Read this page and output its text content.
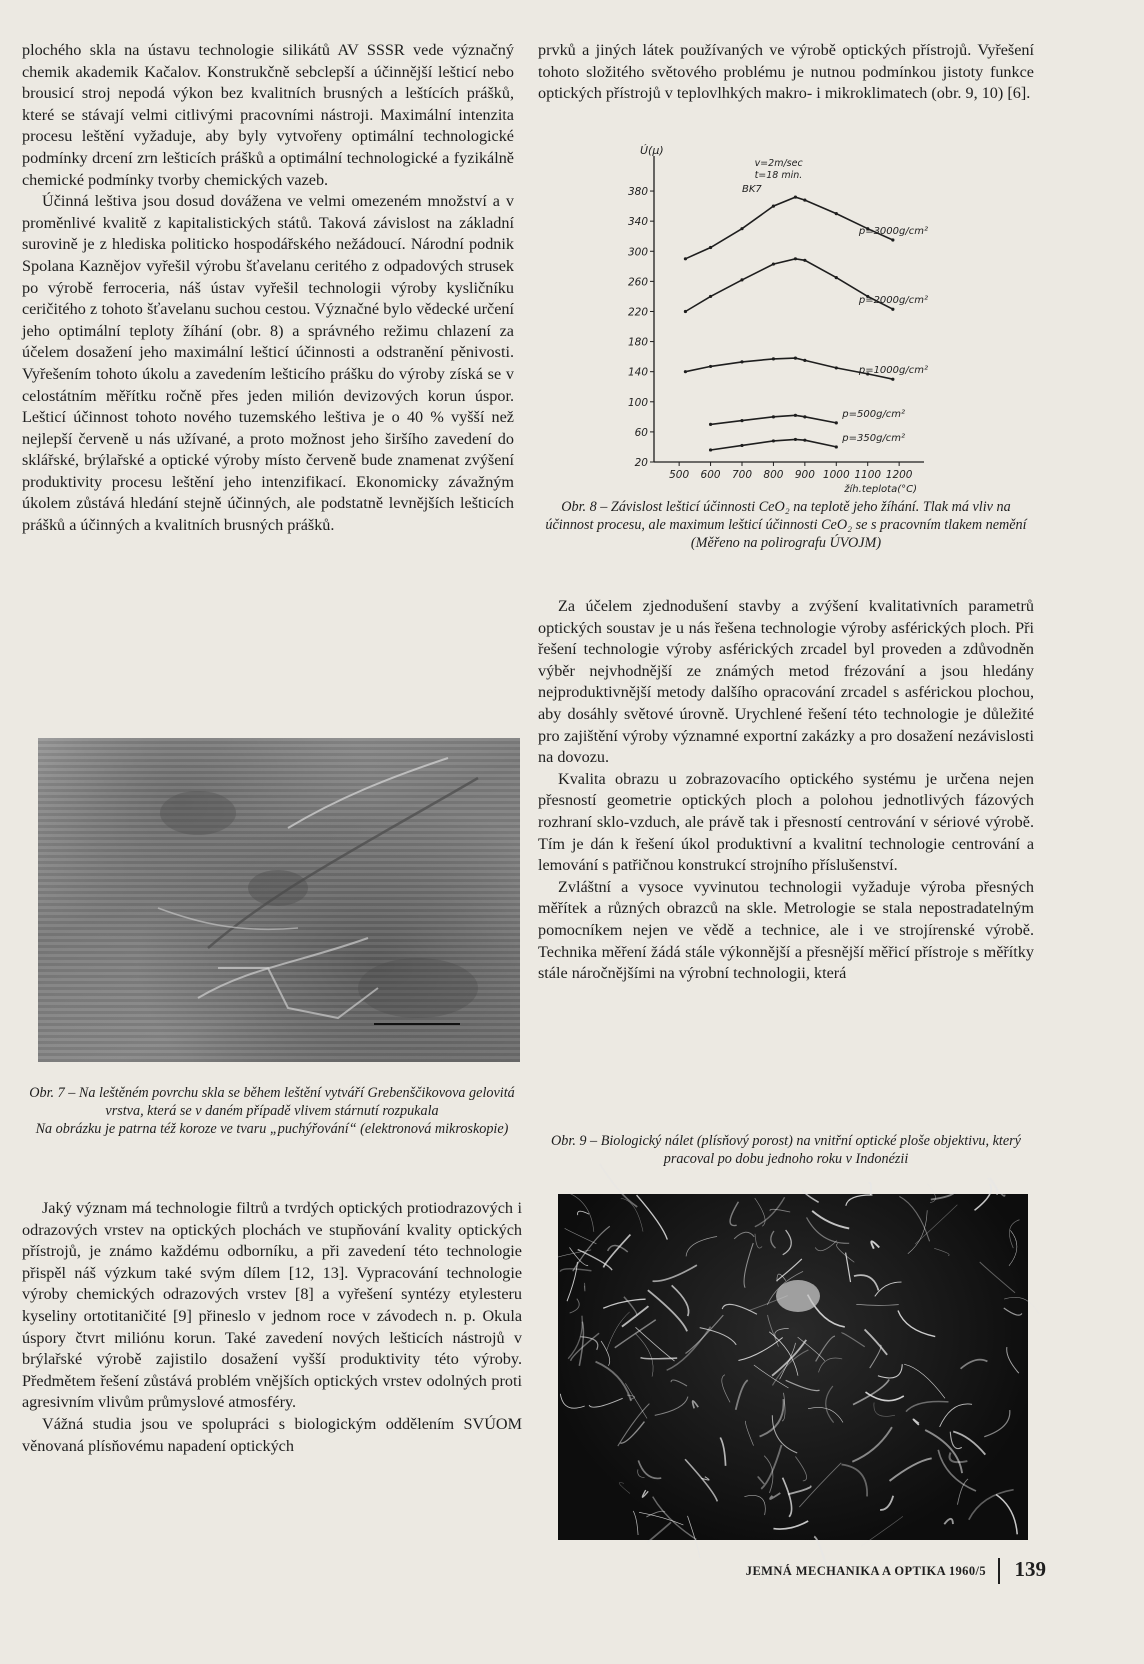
plochého skla na ústavu technologie silikátů AV SSSR vede význačný chemik akademik Kačalov. Konstrukčně sebclepší a účinnější lešticí nebo brousicí stroj nepodá výkon bez kvalitních brusných a leštících prášků, které se stávají velmi citlivými pracovními nástroji. Maximální intenzita procesu leštění vyžaduje, aby byly vytvořeny optimální technologické podmínky drcení zrn lešticích prášků a optimální technologické a fyzikálně chemické podmínky tvorby chemických vazeb.

Účinná leštiva jsou dosud dovážena ve velmi omezeném množství a v proměnlivé kvalitě z kapitalistických států. Taková závislost na základní surovině je z hlediska politicko hospodářského nežádoucí. Národní podnik Spolana Kaznějov vyřešil výrobu šťavelanu ceritého z odpadových strusek po výrobě ferroceria, náš ústav vyřešil technologii výroby kysličníku ceričitého z tohoto šťavelanu suchou cestou. Význačné bylo vědecké určení jeho optimální teploty žíhání (obr. 8) a správného režimu chlazení za účelem dosažení jeho maximální lešticí účinnosti a odstranění pěnivosti. Vyřešením tohoto úkolu a zavedením lešticího prášku do výroby získá se v celostátním měřítku ročně přes jeden milión devizových korun úspor. Lešticí účinnost tohoto nového tuzemského leštiva je o 40 % vyšší než nejlepší červeně u nás užívané, a proto možnost jeho širšího zavedení do sklářské, brýlařské a optické výroby místo červeně bude znamenat zvýšení produktivity procesu leštění jeho intenzifikací. Ekonomicky závažným úkolem zůstává hledání stejně účinných, ale podstatně levnějších lešticích prášků a účinných a kvalitních brusných prášků.

Obr. 7 – Na leštěném povrchu skla se během leštění vytváří Grebenščikovova gelovitá vrstva, která se v daném případě vlivem stárnutí rozpukala
Na obrázku je patrna též koroze ve tvaru „puchýřování“ (elektronová mikroskopie)

Jaký význam má technologie filtrů a tvrdých optických protiodrazových i odrazových vrstev na optických plochách ve stupňování kvality optických přístrojů, je známo každému odborníku, a při zavedení této technologie přispěl náš výzkum také svým dílem [12, 13]. Vypracování technologie výroby chemických odrazových vrstev [8] a vyřešení syntézy etylesteru kyseliny ortotitaničité [9] přineslo v jednom roce v závodech n. p. Okula úspory čtvrt miliónu korun. Také zavedení nových lešticích nástrojů v brýlařské výrobě zajistilo dosažení vyšší produktivity této výroby. Předmětem řešení zůstává problém vnějších optických vrstev odolných proti agresivním vlivům průmyslové atmosféry.

Vážná studia jsou ve spolupráci s biologickým oddělením SVÚOM věnovaná plísňovému napadení optických

prvků a jiných látek používaných ve výrobě optických přístrojů. Vyřešení tohoto složitého světového problému je nutnou podmínkou jistoty funkce optických přístrojů v teplovlhkých makro- i mikroklimatech (obr. 9, 10) [6].

20
60
100
140
180
220
260
300
340
380
500 600 700 800 900 1000 1100 1200
Ú(μ)
žíh.teplota(°C)
v=2m/sec
t=18 min.
BK7
p=3000g/cm²
p=2000g/cm²
p=1000g/cm²
p=500g/cm²
p=350g/cm²
Obr. 8 – Závislost lešticí účinnosti CeO₂ na teplotě jeho žíhání. Tlak má vliv na účinnost procesu, ale maximum lešticí účinnosti CeO₂ se s pracovním tlakem nemění (Měřeno na polirografu ÚVOJM)

Za účelem zjednodušení stavby a zvýšení kvalitativních parametrů optických soustav je u nás řešena technologie výroby asférických ploch. Při řešení technologie výroby asférických zrcadel byl proveden a zdůvodněn výběr nejvhodnější ze známých metod frézování a jsou hledány nejproduktivnější metody dalšího opracování zrcadel s asférickou plochou, aby dosáhly světové úrovně. Urychlené řešení této technologie je důležité pro zajištění výroby významné exportní zakázky a pro dosažení nezávislosti na dovozu.

Kvalita obrazu u zobrazovacího optického systému je určena nejen přesností geometrie optických ploch a polohou jednotlivých fázových rozhraní sklo-vzduch, ale právě tak i přesností centrování v sériové výrobě. Tím je dán k řešení úkol produktivní a kvalitní technologie centrování a lemování s patřičnou konstrukcí strojního příslušenství.

Zvláštní a vysoce vyvinutou technologii vyžaduje výroba přesných měřítek a různých obrazců na skle. Metrologie se stala nepostradatelným pomocníkem nejen ve vědě a technice, ale i ve strojírenské výrobě. Technika měření žádá stále výkonnější a přesnější měřicí přístroje s měřítky stále náročnějšími na výrobní technologii, která

Obr. 9 – Biologický nálet (plísňový porost) na vnitřní optické ploše objektivu, který pracoval po dobu jednoho roku v Indonézii
JEMNÁ MECHANIKA A OPTIKA 1960/5 139
